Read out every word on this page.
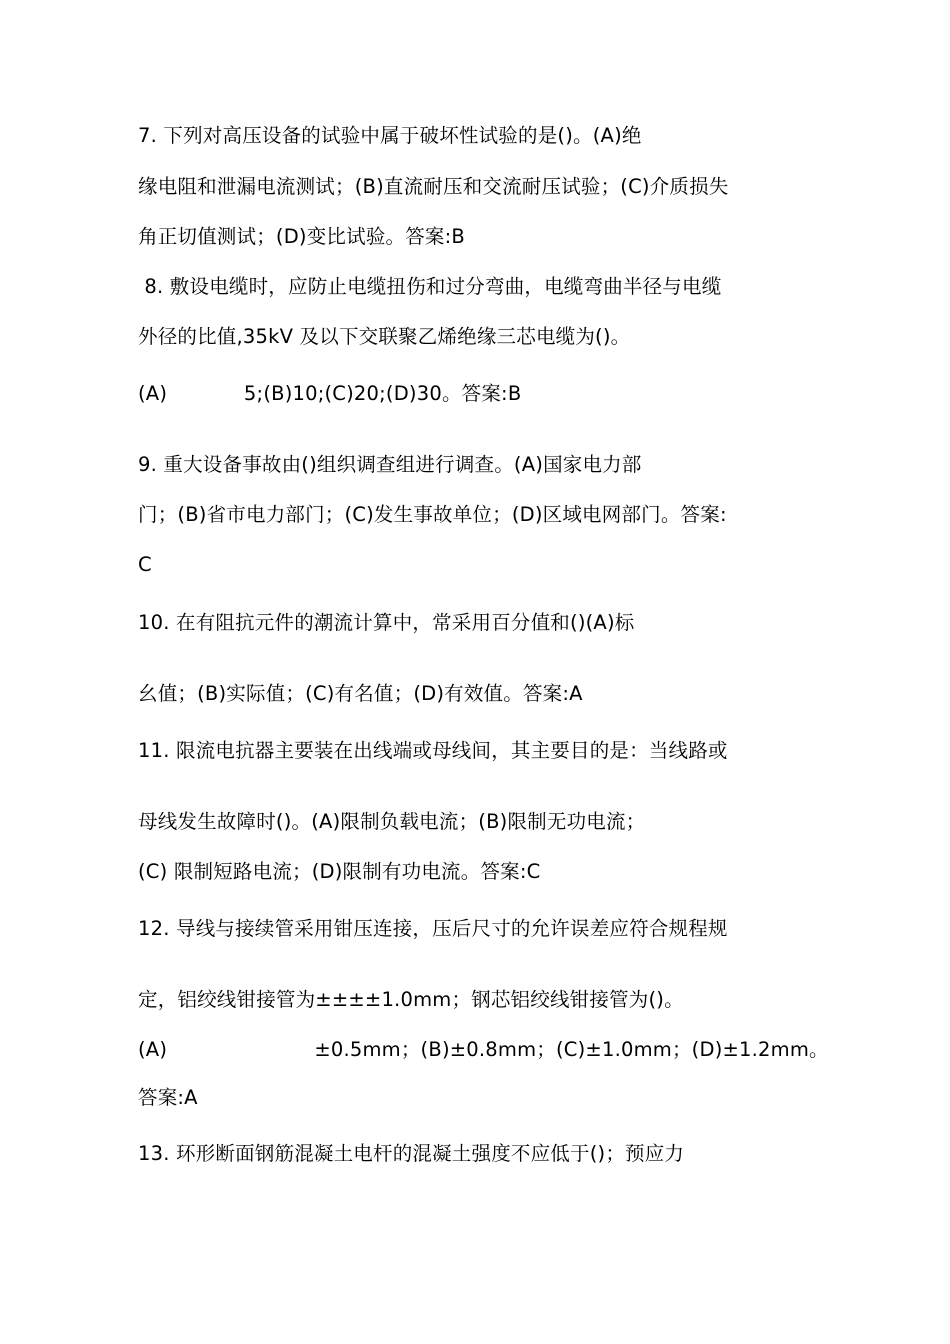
7. 下列对高压设备的试验中属于破坏性试验的是()。(A)绝
缘电阻和泄漏电流测试；(B)直流耐压和交流耐压试验；(C)介质损失
角正切值测试；(D)变比试验。答案:B
8. 敷设电缆时，应防止电缆扭伤和过分弯曲，电缆弯曲半径与电缆
外径的比值,35kV 及以下交联聚乙烯绝缘三芯电缆为()。
(A)            5;(B)10;(C)20;(D)30。答案:B
9. 重大设备事故由()组织调查组进行调查。(A)国家电力部
门；(B)省市电力部门；(C)发生事故单位；(D)区域电网部门。答案:
C
10. 在有阻抗元件的潮流计算中，常采用百分值和()(A)标
幺值；(B)实际值；(C)有名值；(D)有效值。答案:A
11. 限流电抗器主要装在出线端或母线间，其主要目的是：当线路或
母线发生故障时()。(A)限制负载电流；(B)限制无功电流；
(C) 限制短路电流；(D)限制有功电流。答案:C
12. 导线与接续管采用钳压连接，压后尺寸的允许误差应符合规程规
定，铝绞线钳接管为±±±±1.0mm；钢芯铝绞线钳接管为()。
(A)                       ±0.5mm；(B)±0.8mm；(C)±1.0mm；(D)±1.2mm。
答案:A
13. 环形断面钢筋混凝土电杆的混凝土强度不应低于()；预应力
